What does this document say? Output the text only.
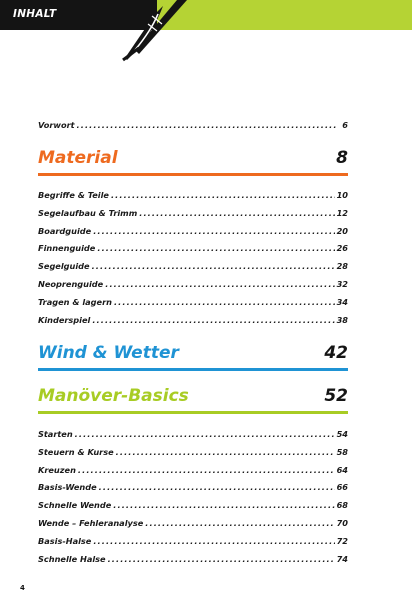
INHALT
Vorwort .....	6
Material	8
Begriffe & Teile .....	10
Segelaufbau & Trimm .....	12
Boardguide .....	20
Finnenguide .....	26
Segelguide .....	28
Neoprenguide .....	32
Tragen & lagern .....	34
Kinderspiel .....	38
Wind & Wetter	42
Manöver-Basics	52
Starten .....	54
Steuern & Kurse .....	58
Kreuzen .....	64
Basis-Wende .....	66
Schnelle Wende .....	68
Wende – Fehleranalyse .....	70
Basis-Halse .....	72
Schnelle Halse .....	74
4
